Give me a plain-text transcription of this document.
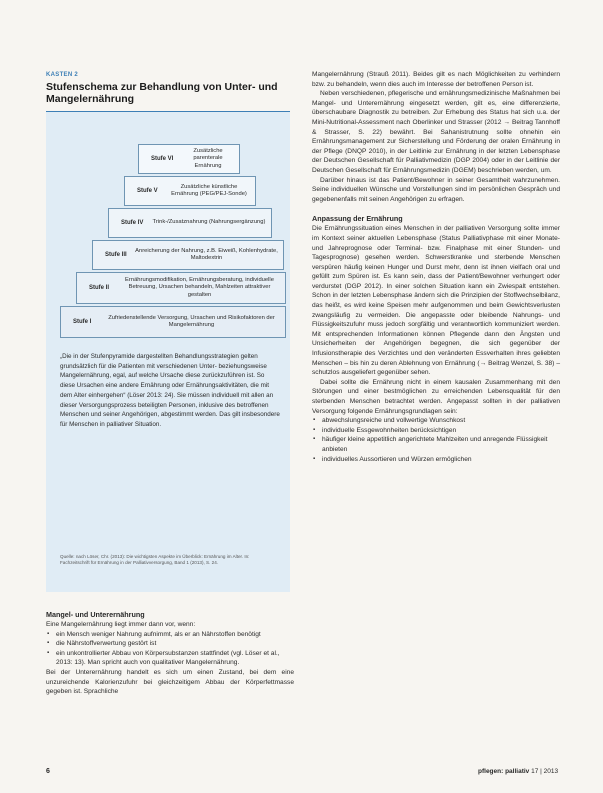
KASTEN 2
Stufenschema zur Behandlung von Unter- und Mangelernährung
Stufe VI
Zusätzliche parenterale Ernährung
Stufe V
Zusätzliche künstliche Ernährung (PEG/PEJ-Sonde)
Stufe IV	Trink-/Zusatznahrung (Nahrungsergänzung)
Stufe III
Anreicherung der Nahrung, z.B. Eiweiß, Kohlenhydrate, Maltodextrin
Stufe II
Ernährungsmodifikation, Ernährungsberatung, individuelle Betreuung, Ursachen behandeln, Mahlzeiten attraktiver gestalten
Stufe I
Zufriedenstellende Versorgung, Ursachen und Risikofaktoren der Mangelernährung
„Die in der Stufenpyramide dargestellten Behandlungsstrategien gelten grundsätzlich für die Patienten mit verschiedenen Unter- beziehungsweise Mangelernährung, egal, auf welche Ursache diese zurückzuführen ist. So diese Ursachen eine andere Ernährung oder Ernährungsaktivitäten, die mit dem Alter einhergehen“ (Löser 2013: 24). Sie müssen individuell mit allen an dieser Versorgungsprozess beteiligten Personen, inklusive des betroffenen Menschen und seiner Angehörigen, abgestimmt werden. Das gilt insbesondere für Menschen in palliativer Situation.
Quelle: nach Löser, Chr. (2013): Die wichtigsten Aspekte im Überblick: Ernährung im Alter. In: Fachzeitschrift für Ernährung in der Palliativversorgung, Band 1 (2013), S. 24.
Mangel- und Unterernährung

Eine Mangelernährung liegt immer dann vor, wenn:

▪ ein Mensch weniger Nahrung aufnimmt, als er an Nährstoffen benötigt
▪ die Nährstoffverwertung gestört ist
▪ ein unkontrollierter Abbau von Körpersubstanzen stattfindet (vgl. Löser et al., 2013: 13). Man spricht auch von qualitativer Mangelernährung.

Bei der Unterernährung handelt es sich um einen Zustand, bei dem eine unzureichende Kalorienzufuhr bei gleichzeitigem Abbau der Körperfettmasse gegeben ist. Sprachliche

Mangelernährung (Strauß 2011). Beides gilt es nach Möglichkeiten zu verhindern bzw. zu behandeln, wenn dies auch im Interesse der betroffenen Person ist.

Neben verschiedenen, pflegerische und ernährungsmedizinische Maßnahmen bei Mangel- und Unterernährung eingesetzt werden, gilt es, eine differenzierte, überschaubare Diagnostik zu betreiben. Zur Erhebung des Status hat sich u.a. der Mini-Nutritional-Assessment nach Oberlinker und Strasser (2012 → Beitrag Tannhoff & Strasser, S. 22) bewährt. Bei Sahanistrutnung sollte ohnehin ein Ernährungsmanagement zur Sicherstellung und Förderung der oralen Ernährung in der Pflege (DNQP 2010), in der Leitlinie zur Ernährung in der letzten Lebensphase der Deutschen Gesellschaft für Palliativmedizin (DGP 2004) oder in der Leitlinie der Deutschen Gesellschaft für Ernährungsmedizin (DGEM) beschrieben werden, um.

Darüber hinaus ist das Patient/Bewohner in seiner Gesamtheit wahrzunehmen. Seine individuellen Wünsche und Vorstellungen sind im persönlichen Gespräch und gegebenenfalls mit seinen Angehörigen zu erfragen.

Anpassung der Ernährung

Die Ernährungssituation eines Menschen in der palliativen Versorgung sollte immer im Kontext seiner aktuellen Lebensphase (Status Palliativphase mit einer Monate- und Jahreprognose oder Terminal- bzw. Finalphase mit einer Stunden- und Tagesprognose) gesehen werden. Schwerstkranke und sterbende Menschen verspüren häufig keinen Hunger und Durst mehr, denn ist ihnen vielfach oral und gefüllt zum Spüren ist. Es kann sein, dass der Patient/Bewohner verhungert oder verdurstet (DGP 2012). In einer solchen Situation kann ein Zwiespalt entstehen. Schon in der letzten Lebensphase ändern sich die Prinzipien der Stoffwechselbilanz, das heißt, es wird keine Speisen mehr aufgenommen und beim Gewichtsverlusten zwangsläufig zu vermeiden. Die angepasste oder bleibende Nahrungs- und Flüssigkeitszufuhr muss jedoch sorgfältig und verantwortlich kommuniziert werden. Mit entsprechenden Informationen können Pflegende dann den Ängsten und Unsicherheiten der Angehörigen begegnen, die sich gegenüber der Infusionstherapie des Verzichtes und den veränderten Essverhalten ihres geliebten Menschen – bis hin zu deren Ablehnung von Ernährung (→ Beitrag Wenzel, S. 38) – schutzlos ausgeliefert gegenüber sehen.

Dabei sollte die Ernährung nicht in einem kausalen Zusammenhang mit den Störungen und einer bestmöglichen zu erreichenden Lebensqualität für den sterbenden Menschen betrachtet werden. Angepasst sollten in der palliativen Versorgung folgende Ernährungsgrundlagen sein:

▪ abwechslungsreiche und vollwertige Wunschkost
▪ individuelle Essgewohnheiten berücksichtigen
▪ häufiger kleine appetitlich angerichtete Mahlzeiten und anregende Flüssigkeit anbieten
▪ individuelles Aussortieren und Würzen ermöglichen
6	pflegen: palliativ 17 | 2013
